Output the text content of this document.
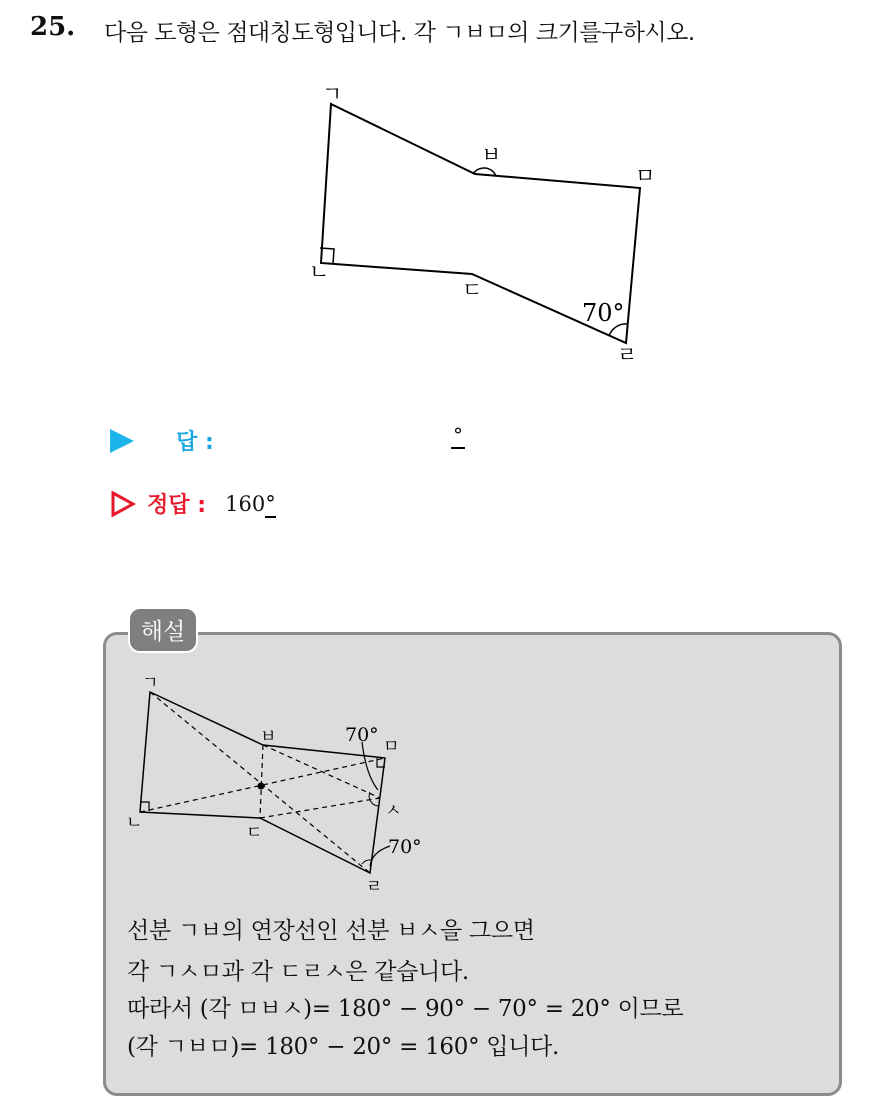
25. 다음 도형은 점대칭도형입니다. 각 ㄱㅂㅁ의 크기를구하시오.
ㄱ
ㅂ
ㅁ
ㄴ
ㄷ
ㄹ
70°
답 :	°
정답 : 160°
해설
ㄱ
ㅂ	ㅁ
ㄴ	ㄷ
ㅅ
ㄹ
70°
70°
선분 ㄱㅂ의 연장선인 선분 ㅂㅅ을 그으면
각 ㄱㅅㅁ과 각 ㄷㄹㅅ은 같습니다.
따라서 (각 ㅁㅂㅅ)= 180° − 90° − 70° = 20° 이므로
(각 ㄱㅂㅁ)= 180° − 20° = 160° 입니다.
